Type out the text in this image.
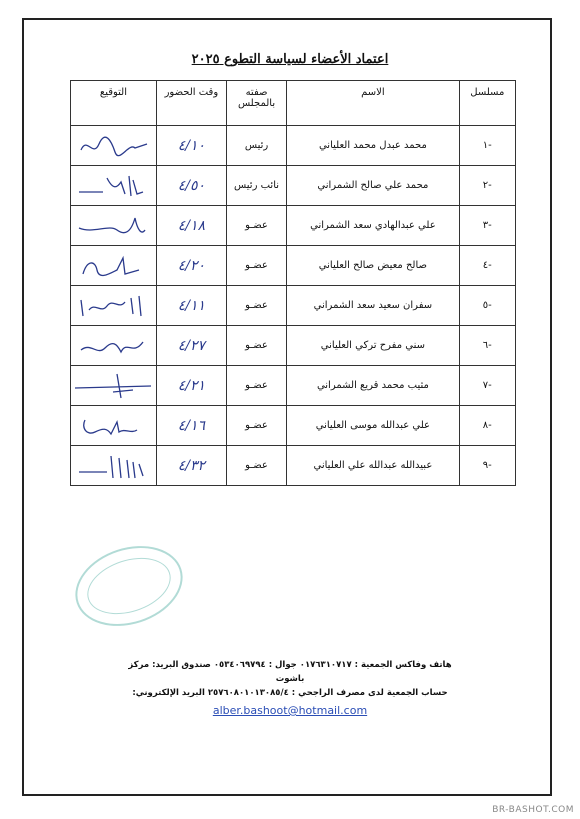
اعتماد الأعضاء لسياسة التطوع ٢٠٢٥
مسلسل	الاسم	صفته بالمجلس	وقت الحضور	التوقيع
-١	محمد عبدل محمد العلياني	رئيس	٤/١٠	

-٢	محمد علي صالح الشمراني	نائب رئيس	٤/٥٠	

-٣	علي عبدالهادي سعد الشمراني	عضـو	٤/١٨	

-٤	صالح معيض صالح العلياني	عضـو	٤/٢٠	

-٥	سفران سعيد سعد الشمراني	عضـو	٤/١١	

-٦	سني مفرح تركي العلياني	عضـو	٤/٢٧	

-٧	مثيب محمد قريع الشمراني	عضـو	٤/٢١	

-٨	علي عبدالله موسى العلياني	عضـو	٤/١٦	

-٩	عبيدالله عبدالله علي العلياني	عضـو	٤/٣٢	
هاتف وفاكس الجمعية : ٠١٧٦٣١٠٧١٧ جوال : ٠٥٣٤٠٦٩٧٩٤ صندوق البريد: مركز باشوت
حساب الجمعية لدى مصرف الراجحي : ٢٥٧٦٠٨٠١٠١٣٠٨٥/٤ البريد الإلكتروني:
alber.bashoot@hotmail.com
BR-BASHOT.COM
